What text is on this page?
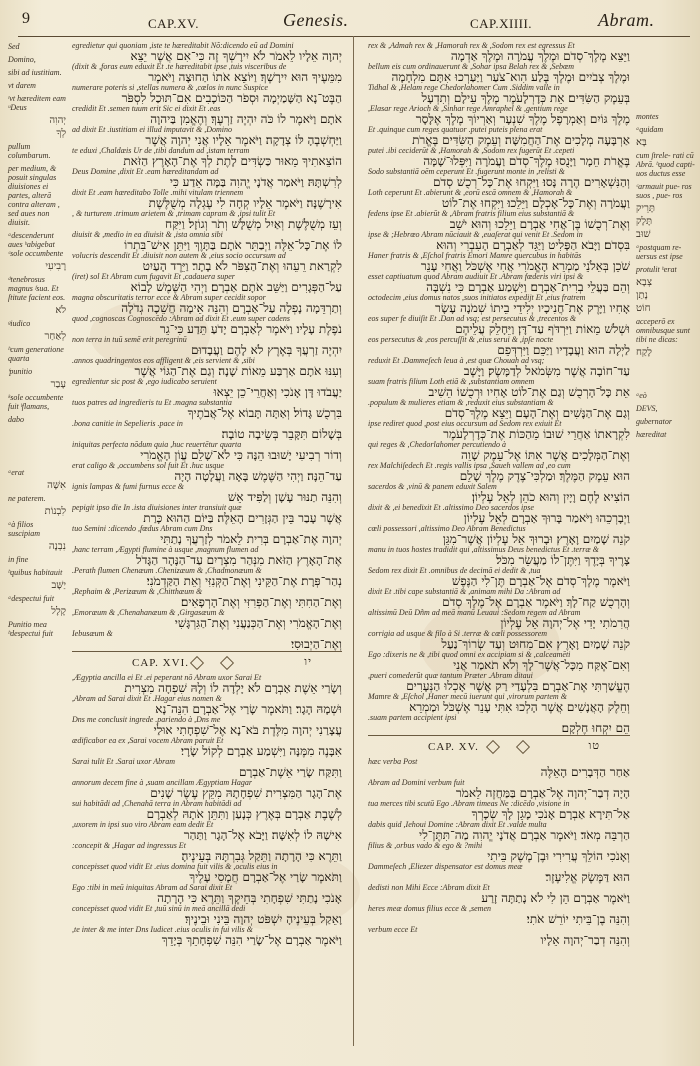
9	CAP.XV.	Genesis.	CAP.XIIII.	Abram.
Sed
Domino,
sibi ad iustitiam.
vt darem
ᵗvt hæreditem eam ᵘDeus
יְהוִה
לְךָ
pullum columbarum.
per medium, & posuit singulas diuisiones ei partes, alterā contra alteram , sed aues non diuisit.
ᵃdescenderunt aues ᵇabigebat ᶜsole occumbente
רָבִיעִי
ᵈtenebrosus magnus ᶠsua. Et ſtitute facient eos.
לֹא
ᵍiudico
לְאַחַר
ʰcum generatione quarta
ⁱpunitio
עָבַר
ᵏsole occumbente fuit ˡflamans,
dabo
ᵃerat
אִשָּׁה
ne paterem.
לִבְנוֹת
ᵃà filios suscipiam
נִבְנֶה
in fine
ᵇquibus habitauit
יַשָּׁב
ᵃdespectui fuit
קָלָל
Punitio mea ᵇdespectui fuit
montes
ᵃquidam
בָּא
cum ſtrele- rati cū Abrā. ᵇquod capti- uos ductus esse
ᶜarmauit pue- ros suos , pue- ros
תָּרֵיק
תָּלָק
שׁוּב
ᵃpostquam re- uersus est ipse
protulit ᵇerat
צְבָא
נָתַן
חוֹט
acceperō ex omnibusque sunt tibi ne dicas:
לָקַח
ᵃeò
DEVS,
gubernator
hæreditat
egredietur qui quoniam ,iste te hæreditabit Nõ:dicendo eũ ad Domini
יְהוָה אֵלָיו לֵאמֹר לֹא יִירָשְׁךָ זֶה כִּי־אִם אֲשֶׁר יֵצֵא
(dixit & ,foras eum eduxit Et .te hæreditabit ipse ,tuis visceribus de
מִמֵּעֶיךָ הוּא יִירָשֶׁךָ׃ וַיּוֹצֵא אֹתוֹ הַחוּצָה וַיֹּאמֶר
numerare poteris si ,stellas numera & ,cœlos in nunc Suspice
הַבֶּט־נָא הַשָּׁמַיְמָה וּסְפֹר הַכּוֹכָבִים אִם־תּוּכַל לִסְפֹּר
credidit Et .semen tuum erit Sic ei dixit Et .eas
אֹתָם וַיֹּאמֶר לוֹ כֹּה יִהְיֶה זַרְעֶךָ׃ וְהֶאֱמִן בַּיהוָה
ad dixit Et .iustitiam ei illud imputavit & ,Domino
וַיַּחְשְׁבֶהָ לּוֹ צְדָקָה׃ וַיֹּאמֶר אֵלָיו אֲנִי יְהוָה אֲשֶׁר
te eduxi ,Chaldæis Ur de ,tibi dandum ad ,istam terram
הוֹצֵאתִיךָ מֵאוּר כַּשְׂדִּים לָתֶת לְךָ אֶת־הָאָרֶץ הַזֹּאת
Deus Domine ,dixit Et .eam hæreditandam ad
לְרִשְׁתָּהּ׃ וַיֹּאמַר אֲדֹנָי יֱהוִה בַּמָּה אֵדַע כִּי
dixit Et .eam hæreditabo Tolle .mihi vitulam triennem
אִירָשֶׁנָּה׃ וַיֹּאמֶר אֵלָיו קְחָה לִי עֶגְלָה מְשֻׁלֶּשֶׁת
, & turturem .trimum arietem & ,trimam capram & ,ipsi tulit Et
וְעֵז מְשֻׁלֶּשֶׁת וְאַיִל מְשֻׁלָּשׁ וְתֹר וְגוֹזָל׃ וַיִּקַּח
diuisit & ,medio in ea diuisit & ,ista omnia sibi
לוֹ אֶת־כָּל־אֵלֶּה וַיְבַתֵּר אֹתָם בַּתָּוֶךְ וַיִּתֵּן אִישׁ־בִּתְרוֹ
volucris descendit Et .diuisit non autem & ,eius socio occursum ad
לִקְרַאת רֵעֵהוּ וְאֶת־הַצִּפֹּר לֹא בָתָר׃ וַיֵּרֶד הָעַיִט
(iret) sol Et Abram cum fugavit Et ,cadauera super
עַל־הַפְּגָרִים וַיַּשֵּׁב אֹתָם אַבְרָם׃ וַיְהִי הַשֶּׁמֶשׁ לָבוֹא
magna obscuritatis terror ecce & Abram super cecidit sopor
וְתַרְדֵּמָה נָפְלָה עַל־אַבְרָם וְהִנֵּה אֵימָה חֲשֵׁכָה גְדֹלָה
quod ,cognoscas Cognoscēdo :Abram ad dixit Et .eum super cadens
נֹפֶלֶת עָלָיו׃ וַיֹּאמֶר לְאַבְרָם יָדֹעַ תֵּדַע כִּי־גֵר
non terra in tuū semē erit peregrinū
יִהְיֶה זַרְעֲךָ בְּאֶרֶץ לֹא לָהֶם וַעֲבָדוּם
.annos quadringentos eos affligent & ,eis servient & ,sibi
וְעִנּוּ אֹתָם אַרְבַּע מֵאוֹת שָׁנָה׃ וְגַם אֶת־הַגּוֹי אֲשֶׁר
egredientur sic post & ,ego iudicabo seruient
יַעֲבֹדוּ דָּן אָנֹכִי וְאַחֲרֵי־כֵן יֵצְאוּ
tuos patres ad ingredieris tu Et .magna substantia
בִּרְכֻשׁ גָּדוֹל׃ וְאַתָּה תָּבוֹא אֶל־אֲבֹתֶיךָ
.bona canitie in Sepelieris .pace in
בְּשָׁלוֹם תִּקָּבֵר בְּשֵׂיבָה טוֹבָה׃
iniquitas perfecta nōdum quia ,huc reuertētur quarta
וְדוֹר רְבִיעִי יָשׁוּבוּ הֵנָּה כִּי לֹא־שָׁלֵם עֲוֹן הָאֱמֹרִי
erat caligo & ,occumbens sol fuit Et .huc usque
עַד־הֵנָּה׃ וַיְהִי הַשֶּׁמֶשׁ בָּאָה וַעֲלָטָה הָיָה
ignis lampas & fumi furnus ecce &
וְהִנֵּה תַנּוּר עָשָׁן וְלַפִּיד אֵשׁ
pepigit ipso die In .ista diuisiones inter transiuit quæ
אֲשֶׁר עָבַר בֵּין הַגְּזָרִים הָאֵלֶּה׃ בַּיּוֹם הַהוּא כָּרַת
tuo Semini :dicendo ,fœdus Abram cum Dns
יְהוָה אֶת־אַבְרָם בְּרִית לֵאמֹר לְזַרְעֲךָ נָתַתִּי
,hanc terram ,Ægypti flumine à usque ,magnum flumen ad
אֶת־הָאָרֶץ הַזֹּאת מִנְּהַר מִצְרַיִם עַד־הַנָּהָר הַגָּדֹל
.Perath flumen Chenæum .Chenizæum & ,Chadmonæum &
נְהַר־פְּרָת׃ אֶת־הַקֵּינִי וְאֶת־הַקְּנִזִּי וְאֵת הַקַּדְמֹנִי׃
,Rephaim & ,Perizæum & ,Chitthæum &
וְאֶת־הַחִתִּי וְאֶת־הַפְּרִזִּי וְאֶת־הָרְפָאִים׃
,Emoræum & ,Chenahanæum & ,Girgasæum &
וְאֶת־הָאֱמֹרִי וְאֶת־הַכְּנַעֲנִי וְאֶת־הַגִּרְגָּשִׁי
Iebusæum &
וְאֶת־הַיְבוּסִי׃
CAP. XVI.	יו
,Ægyptia ancilla ei Et .ei peperant nō Abram uxor Sarai Et
וְשָׂרַי אֵשֶׁת אַבְרָם לֹא יָלְדָה לוֹ וְלָהּ שִׁפְחָה מִצְרִית
,Abram ad Sarai dixit Et .Hagar eius nomen &
וּשְׁמָהּ הָגָר׃ וַתֹּאמֶר שָׂרַי אֶל־אַבְרָם הִנֵּה־נָא
Dns me conclusit ingrede .pariendo à ,Dns me
עֲצָרַנִי יְהוָה מִלֶּדֶת בֹּא־נָא אֶל־שִׁפְחָתִי אוּלַי
ædificabor ea ex ,Sarai vocem Abram paruit Et
אִבָּנֶה מִמֶּנָּה וַיִּשְׁמַע אַבְרָם לְקוֹל שָׂרָי׃
Sarai tulit Et .Sarai uxor Abram
וַתִּקַּח שָׂרַי אֵשֶׁת־אַבְרָם
annorum decem fine à ,suam ancillam Ægyptiam Hagar
אֶת־הָגָר הַמִּצְרִית שִׁפְחָתָהּ מִקֵּץ עֶשֶׂר שָׁנִים
sui habitādi ad ,Chenahā terra in Abram habitādi ad
לְשֶׁבֶת אַבְרָם בְּאֶרֶץ כְּנָעַן וַתִּתֵּן אֹתָהּ לְאַבְרָם
,uxorem in ipsi suo viro Abram eam dedit Et
אִישָׁהּ לוֹ לְאִשָּׁה׃ וַיָּבֹא אֶל־הָגָר וַתַּהַר
:concepit & ,Hagar ad ingressus Et
וַתֵּרֶא כִּי הָרָתָה וַתֵּקַל גְּבִרְתָּהּ בְּעֵינֶיהָ׃
concepisset quod vidit Et .eius domina fuit vilis & ,oculis eius in
וַתֹּאמֶר שָׂרַי אֶל־אַבְרָם חֲמָסִי עָלֶיךָ
Ego :tibi in meū iniquitas Abram ad Sarai dixit Et
אָנֹכִי נָתַתִּי שִׁפְחָתִי בְּחֵיקֶךָ וַתֵּרֶא כִּי הָרָתָה
concepisset quod vidit Et ,tuū sinū in meā ancillā dedi
וָאֵקַל בְּעֵינֶיהָ יִשְׁפֹּט יְהוָה בֵּינִי וּבֵינֶיךָ׃
,te inter & me inter Dns Iudicet .eius oculis in fui vilis &
וַיֹּאמֶר אַבְרָם אֶל־שָׂרַי הִנֵּה שִׁפְחָתֵךְ בְּיָדֵךְ
rex & ,Admah rex & ,Hamorah rex & ,Sodom rex est egressus Et
וַיֵּצֵא מֶלֶךְ־סְדֹם וּמֶלֶךְ עֲמֹרָה וּמֶלֶךְ אַדְמָה
bellum eis cum ordinauerunt & ,Sohar ipsa Belah rex & ,Sebœm
וּמֶלֶךְ צְבֹיִים וּמֶלֶךְ בֶּלַע הִוא־צֹעַר וַיַּעַרְכוּ אִתָּם מִלְחָמָה
Tidhal & ,Helam rege Chedorlahomer Cum .Siddim valle in
בְּעֵמֶק הַשִּׂדִּים׃ אֵת כְּדָרְלָעֹמֶר מֶלֶךְ עֵילָם וְתִדְעָל
,Elasar rege Arioch & ,Sinhar rege Amraphel & ,gentium rege
מֶלֶךְ גּוֹיִם וְאַמְרָפֶל מֶלֶךְ שִׁנְעָר וְאַרְיוֹךְ מֶלֶךְ אֶלָּסָר
Et .quinque cum reges quatuor .putei puteis plena erat
אַרְבָּעָה מְלָכִים אֶת־הַחֲמִשָּׁה׃ וְעֵמֶק הַשִּׂדִּים בֶּאֱרֹת
putei .ibi ceciderūt & ,Hamorah & ,Sodom rex fugerūt Et .cepeti
בֶּאֱרֹת חֵמָר וַיָּנֻסוּ מֶלֶךְ־סְדֹם וַעֲמֹרָה וַיִּפְּלוּ־שָׁמָּה
Sodo substantiā oēm ceperunt Et .fugerunt monte in ,relisti &
וְהַנִּשְׁאָרִים הֶרָה נָּסוּ׃ וַיִּקְחוּ אֶת־כָּל־רְכֻשׁ סְדֹם
Loth ceperunt Et .abierunt & ,eorū escā omnem & ,Hamorah &
וַעֲמֹרָה וְאֶת־כָּל־אָכְלָם וַיֵּלֵכוּ׃ וַיִּקְחוּ אֶת־לוֹט
fedens ipse Et .abierūt & ,Abram fratris filium eius substantiā &
וְאֶת־רְכֻשׁוֹ בֶּן־אֲחִי אַבְרָם וַיֵּלֵכוּ וְהוּא יֹשֵׁב
ipse & ;Hebrœo Abram nūciauit & ,euaſerat qui venit Et .Sedom in
בִּסְדֹם׃ וַיָּבֹא הַפָּלִיט וַיַּגֵּד לְאַבְרָם הָעִבְרִי וְהוּא
Haner fratris & ,Eſchol fratris Emori Mamre quercubus in habitās
שֹׁכֵן בְּאֵלֹנֵי מַמְרֵא הָאֱמֹרִי אֲחִי אֶשְׁכֹּל וַאֲחִי עָנֵר
esset captiuatum quod Abram audiuit Et .Abram fœderis viri ipsi &
וְהֵם בַּעֲלֵי בְרִית־אַבְרָם׃ וַיִּשְׁמַע אַבְרָם כִּי נִשְׁבָּה
octodecim ,eius domus natos ,suos initiatos expedijt Et ,eius fratrem
אָחִיו וַיָּרֶק אֶת־חֲנִיכָיו יְלִידֵי בֵיתוֹ שְׁמֹנָה עָשָׂר
eos super fe diuiſit Et .Dan ad vsq; est persecutus & ,trecentos &
וּשְׁלֹשׁ מֵאוֹת וַיִּרְדֹּף עַד־דָּן׃ וַיֵּחָלֵק עֲלֵיהֶם
eos persecutus & ,eos percuſſit & ,eius serui & ,ipſe nocte
לַיְלָה הוּא וַעֲבָדָיו וַיַּכֵּם וַיִּרְדְּפֵם
reduxit Et .Dammeſech leua à ,est quæ Chouah ad vsq;
עַד־חוֹבָה אֲשֶׁר מִשְּׂמֹאל לְדַמָּשֶׂק׃ וַיָּשֶׁב
suam fratris filium Loth etiā & ,substantiam omnem
אֵת כָּל־הָרְכֻשׁ וְגַם אֶת־לוֹט אָחִיו וּרְכֻשׁוֹ הֵשִׁיב
.populum & mulieres etiam & ,reduxit eius substantiam &
וְגַם אֶת־הַנָּשִׁים וְאֶת־הָעָם׃ וַיֵּצֵא מֶלֶךְ־סְדֹם
ipse rediret quod ,post eius occursum ad Sedom rex exiuit Et
לִקְרָאתוֹ אַחֲרֵי שׁוּבוֹ מֵהַכּוֹת אֶת־כְּדָרְלָעֹמֶר
qui reges & ,Chedorlahomer percutiendo à
וְאֶת־הַמְּלָכִים אֲשֶׁר אִתּוֹ אֶל־עֵמֶק שָׁוֵה
rex Malchiſedech Et .regis vallis ipsa ,Saueh vallem ad ,eo cum
הוּא עֵמֶק הַמֶּלֶךְ׃ וּמַלְכִּי־צֶדֶק מֶלֶךְ שָׁלֵם
sacerdos & ,vinū & panem eduxit Salem
הוֹצִיא לֶחֶם וָיָיִן וְהוּא כֹהֵן לְאֵל עֶלְיוֹן׃
dixit & ,ei benedixit Et .altissimo Deo sacerdos ipse
וַיְבָרְכֵהוּ וַיֹּאמַר בָּרוּךְ אַבְרָם לְאֵל עֶלְיוֹן
cœli possessori ,altissimo Deo Abram Benedictus
קֹנֵה שָׁמַיִם וָאָרֶץ׃ וּבָרוּךְ אֵל עֶלְיוֹן אֲשֶׁר־מִגֵּן
manu in tuos hostes tradidit qui ,altissimus Deus benedictus Et .terræ &
צָרֶיךָ בְּיָדֶךָ וַיִּתֶּן־לוֹ מַעֲשֵׂר מִכֹּל׃
Sedom rex dixit Et .omnibus de decimā ei dedit & ,tua
וַיֹּאמֶר מֶלֶךְ־סְדֹם אֶל־אַבְרָם תֶּן־לִי הַנֶּפֶשׁ
dixit Et .tibi cape substantiā & ,animam mihi Da :Abram ad
וְהָרְכֻשׁ קַח־לָךְ׃ וַיֹּאמֶר אַבְרָם אֶל־מֶלֶךְ סְדֹם
altissimū Deū Dñm ad meā manū Leuaui :Sedom regem ad Abram
הֲרִמֹתִי יָדִי אֶל־יְהוָה אֵל עֶלְיוֹן
corrigia ad usque & filo à Si .terræ & cœli possessorem
קֹנֵה שָׁמַיִם וָאָרֶץ׃ אִם־מִחוּט וְעַד שְׂרוֹךְ־נַעַל
Ego :dixeris ne & ,tibi quod omni ex accipiam si & ,calceamēti
וְאִם־אֶקַּח מִכָּל־אֲשֶׁר־לָךְ וְלֹא תֹאמַר אֲנִי
,pueri comederūt quæ tantum Præter .Abram ditaui
הֶעֱשַׁרְתִּי אֶת־אַבְרָם׃ בִּלְעָדַי רַק אֲשֶׁר אָכְלוּ הַנְּעָרִים
Mamre & ,Eſchol ,Haner mecū iuerunt qui ,virorum partem &
וְחֵלֶק הָאֲנָשִׁים אֲשֶׁר הָלְכוּ אִתִּי עָנֵר אֶשְׁכֹּל וּמַמְרֵא
.suam partem accipient ipsi
הֵם יִקְחוּ חֶלְקָם׃
CAP. XV.	טו
hæc verba Post
אַחַר הַדְּבָרִים הָאֵלֶּה
Abram ad Domini verbum fuit
הָיָה דְבַר־יְהוָה אֶל־אַבְרָם בַּמַּחֲזֶה לֵאמֹר
tua merces tibi scutū Ego .Abram timeas Ne :dicēdo ,visione in
אַל־תִּירָא אַבְרָם אָנֹכִי מָגֵן לָךְ שְׂכָרְךָ
dabis quid ,Iehoui Domine :Abram dixit Et .valde multa
הַרְבֵּה מְאֹד׃ וַיֹּאמֶר אַבְרָם אֲדֹנָי יֱהוִה מַה־תִּתֶּן־לִי
filius & ,orbus vado & ego & ?mihi
וְאָנֹכִי הוֹלֵךְ עֲרִירִי וּבֶן־מֶשֶׁק בֵּיתִי
Dammeſech ,Eliezer dispensator est domus meæ
הוּא דַּמֶּשֶׂק אֱלִיעֶזֶר׃
dedisti non Mihi Ecce :Abram dixit Et
וַיֹּאמֶר אַבְרָם הֵן לִי לֹא נָתַתָּה זָרַע
heres meæ domus filius ecce & ,semen
וְהִנֵּה בֶן־בֵּיתִי יוֹרֵשׁ אֹתִי׃
verbum ecce Et
וְהִנֵּה דְבַר־יְהוָה אֵלָיו
